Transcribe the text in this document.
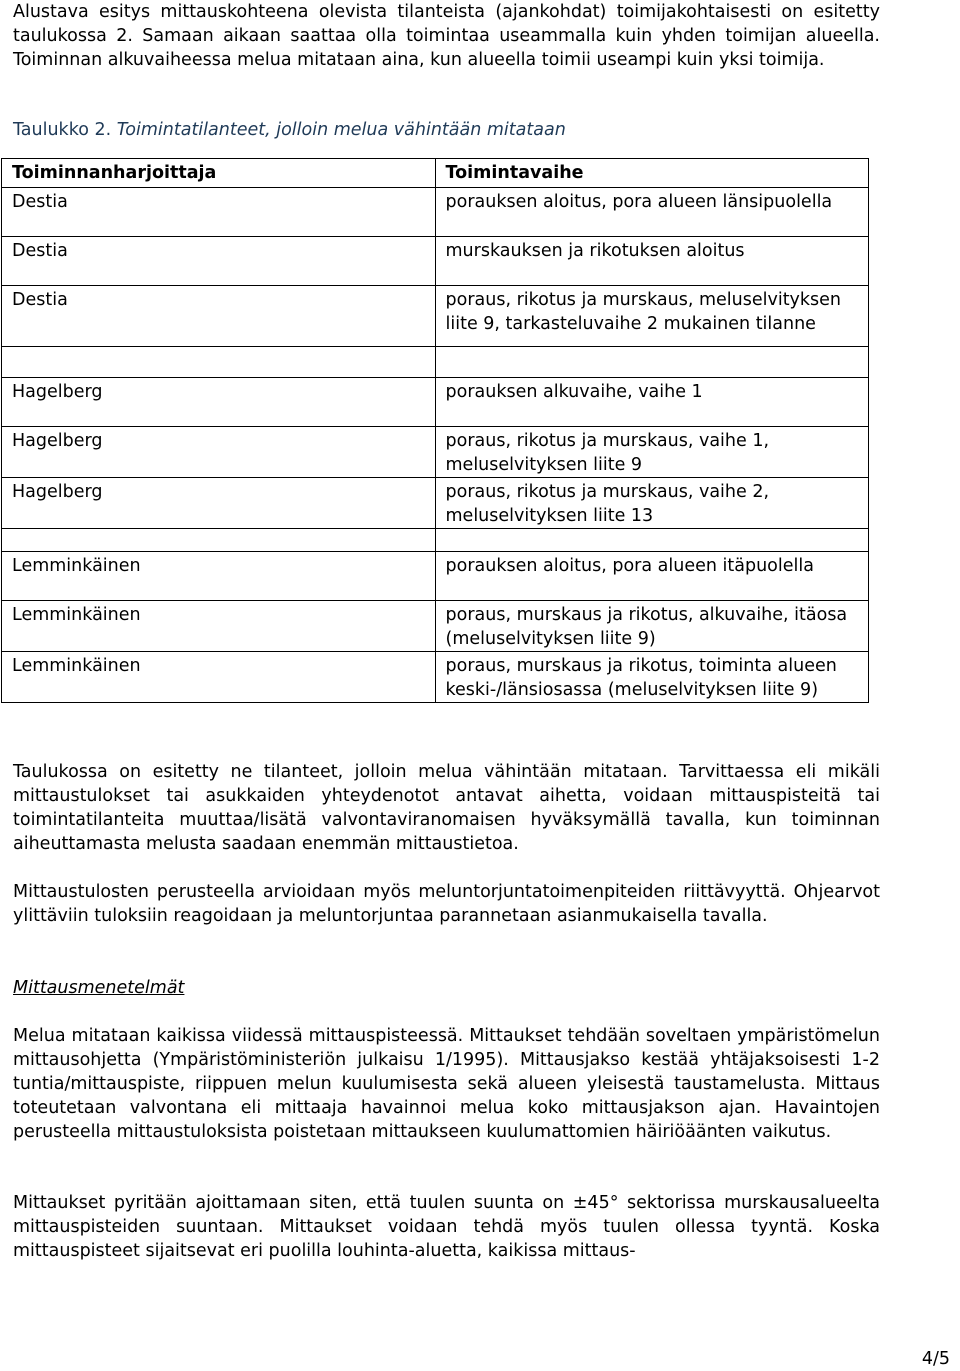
Alustava esitys mittauskohteena olevista tilanteista (ajankohdat) toimijakohtaisesti on esitetty taulukossa 2. Samaan aikaan saattaa olla toimintaa useammalla kuin yhden toimijan alueella. Toiminnan alkuvaiheessa melua mitataan aina, kun alueella toimii useampi kuin yksi toimija.

Taulukko 2. Toimintatilanteet, jolloin melua vähintään mitataan
Toiminnanharjoittaja	Toimintavaihe
Destia	porauksen aloitus, pora alueen länsipuolella
Destia	murskauksen ja rikotuksen aloitus
Destia	poraus, rikotus ja murskaus, meluselvityksen liite 9, tarkasteluvaihe 2 mukainen tilanne

Hagelberg	porauksen alkuvaihe, vaihe 1
Hagelberg	poraus, rikotus ja murskaus, vaihe 1, meluselvityksen liite 9
Hagelberg	poraus, rikotus ja murskaus, vaihe 2, meluselvityksen liite 13

Lemminkäinen	porauksen aloitus, pora alueen itäpuolella
Lemminkäinen	poraus, murskaus ja rikotus, alkuvaihe, itäosa (meluselvityksen liite 9)
Lemminkäinen	poraus, murskaus ja rikotus, toiminta alueen keski-/länsiosassa (meluselvityksen liite 9)

Taulukossa on esitetty ne tilanteet, jolloin melua vähintään mitataan. Tarvittaessa eli mikäli mittaustulokset tai asukkaiden yhteydenotot antavat aihetta, voidaan mittauspisteitä tai toimintatilanteita muuttaa/lisätä valvontaviranomaisen hyväksymällä tavalla, kun toiminnan aiheuttamasta melusta saadaan enemmän mittaustietoa.

Mittaustulosten perusteella arvioidaan myös meluntorjuntatoimenpiteiden riittävyyttä. Ohjearvot ylittäviin tuloksiin reagoidaan ja meluntorjuntaa parannetaan asianmukaisella tavalla.

Mittausmenetelmät

Melua mitataan kaikissa viidessä mittauspisteessä. Mittaukset tehdään soveltaen ympäristömelun mittausohjetta (Ympäristöministeriön julkaisu 1/1995). Mittausjakso kestää yhtäjaksoisesti 1-2 tuntia/mittauspiste, riippuen melun kuulumisesta sekä alueen yleisestä taustamelusta. Mittaus toteutetaan valvontana eli mittaaja havainnoi melua koko mittausjakson ajan. Havaintojen perusteella mittaustuloksista poistetaan mittaukseen kuulumattomien häiriöäänten vaikutus.

Mittaukset pyritään ajoittamaan siten, että tuulen suunta on ±45° sektorissa murskausalueelta mittauspisteiden suuntaan. Mittaukset voidaan tehdä myös tuulen ollessa tyyntä. Koska mittauspisteet sijaitsevat eri puolilla louhinta-aluetta, kaikissa mittaus-

4/5
